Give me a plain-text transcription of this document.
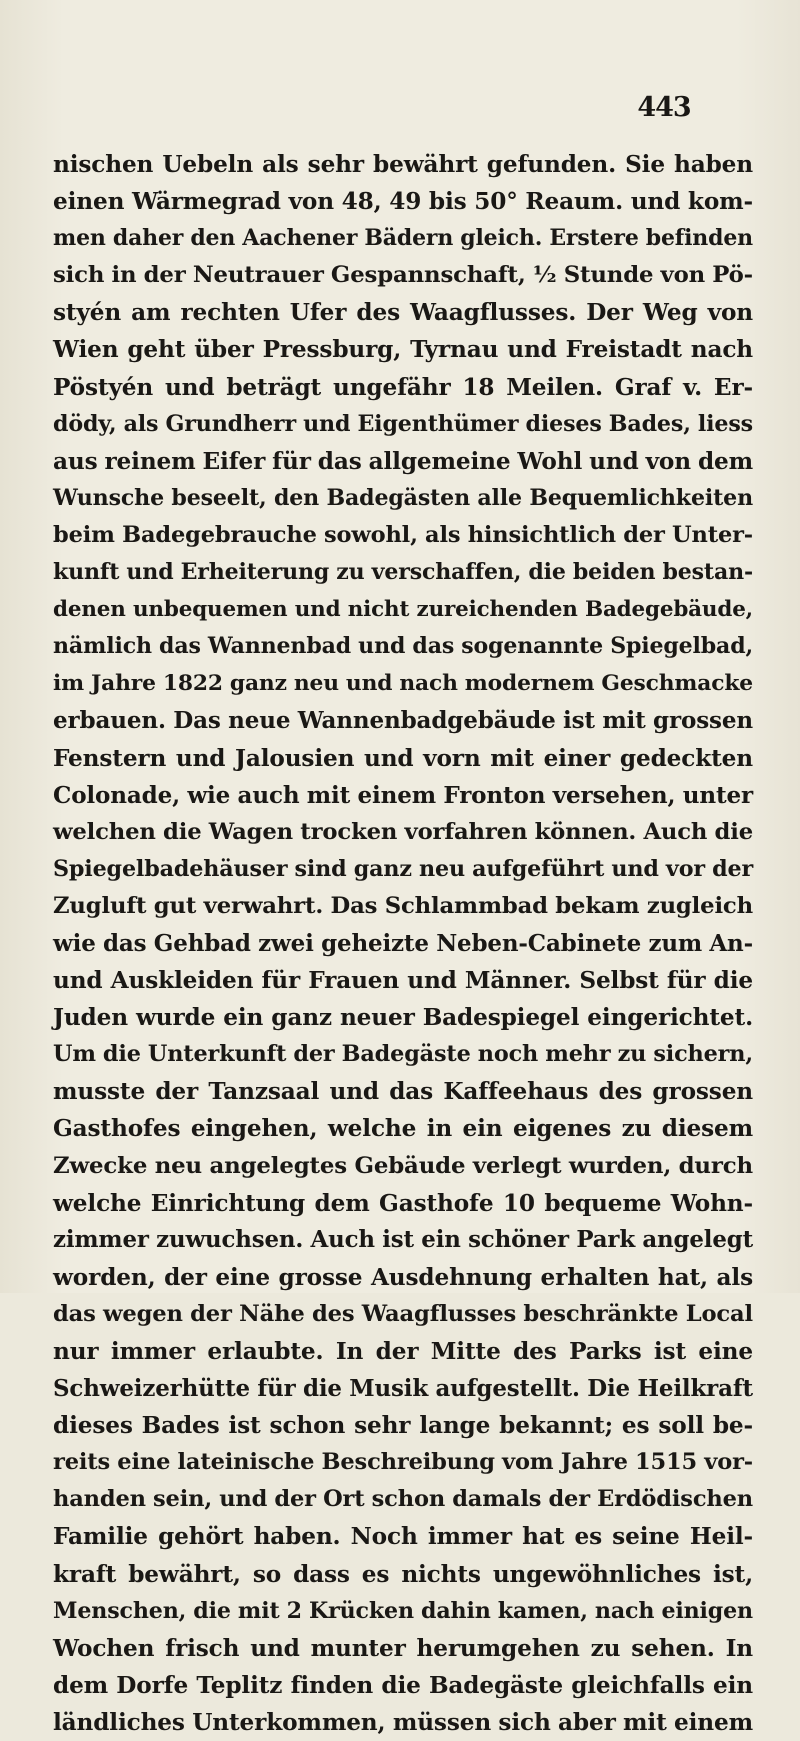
443
nischen Uebeln als sehr bewährt gefunden. Sie haben
einen Wärmegrad von 48, 49 bis 50° Reaum. und kom-
men daher den Aachener Bädern gleich. Erstere befinden
sich in der Neutrauer Gespannschaft, ½ Stunde von Pö-
styén am rechten Ufer des Waagflusses. Der Weg von
Wien geht über Pressburg, Tyrnau und Freistadt nach
Pöstyén und beträgt ungefähr 18 Meilen. Graf v. Er-
dödy, als Grundherr und Eigenthümer dieses Bades, liess
aus reinem Eifer für das allgemeine Wohl und von dem
Wunsche beseelt, den Badegästen alle Bequemlichkeiten
beim Badegebrauche sowohl, als hinsichtlich der Unter-
kunft und Erheiterung zu verschaffen, die beiden bestan-
denen unbequemen und nicht zureichenden Badegebäude,
nämlich das Wannenbad und das sogenannte Spiegelbad,
im Jahre 1822 ganz neu und nach modernem Geschmacke
erbauen. Das neue Wannenbadgebäude ist mit grossen
Fenstern und Jalousien und vorn mit einer gedeckten
Colonade, wie auch mit einem Fronton versehen, unter
welchen die Wagen trocken vorfahren können. Auch die
Spiegelbadehäuser sind ganz neu aufgeführt und vor der
Zugluft gut verwahrt. Das Schlammbad bekam zugleich
wie das Gehbad zwei geheizte Neben-Cabinete zum An-
und Auskleiden für Frauen und Männer. Selbst für die
Juden wurde ein ganz neuer Badespiegel eingerichtet.
Um die Unterkunft der Badegäste noch mehr zu sichern,
musste der Tanzsaal und das Kaffeehaus des grossen
Gasthofes eingehen, welche in ein eigenes zu diesem
Zwecke neu angelegtes Gebäude verlegt wurden, durch
welche Einrichtung dem Gasthofe 10 bequeme Wohn-
zimmer zuwuchsen. Auch ist ein schöner Park angelegt
worden, der eine grosse Ausdehnung erhalten hat, als
das wegen der Nähe des Waagflusses beschränkte Local
nur immer erlaubte. In der Mitte des Parks ist eine
Schweizerhütte für die Musik aufgestellt. Die Heilkraft
dieses Bades ist schon sehr lange bekannt; es soll be-
reits eine lateinische Beschreibung vom Jahre 1515 vor-
handen sein, und der Ort schon damals der Erdödischen
Familie gehört haben. Noch immer hat es seine Heil-
kraft bewährt, so dass es nichts ungewöhnliches ist,
Menschen, die mit 2 Krücken dahin kamen, nach einigen
Wochen frisch und munter herumgehen zu sehen. In
dem Dorfe Teplitz finden die Badegäste gleichfalls ein
ländliches Unterkommen, müssen sich aber mit einem
